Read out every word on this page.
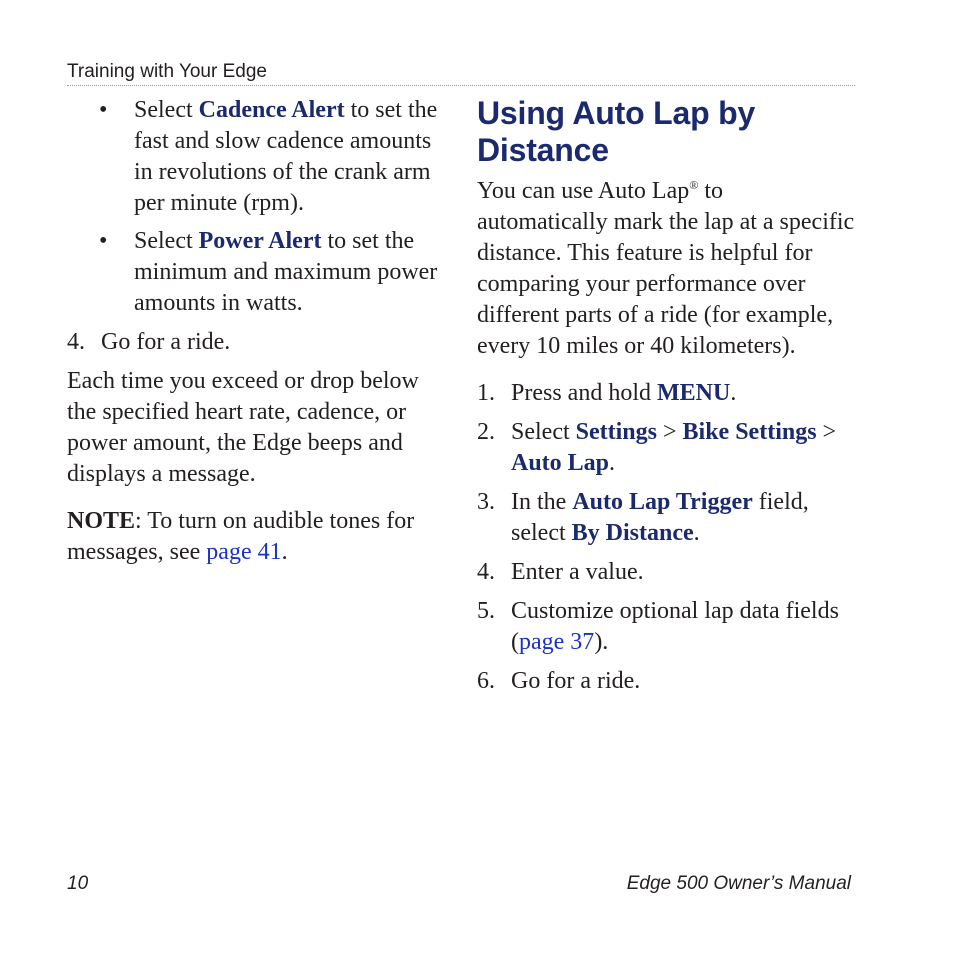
Training with Your Edge
• Select Cadence Alert to set the
fast and slow cadence amounts
in revolutions of the crank arm
per minute (rpm).

• Select Power Alert to set the
minimum and maximum power
amounts in watts.

4. Go for a ride.

Each time you exceed or drop below
the specified heart rate, cadence, or
power amount, the Edge beeps and
displays a message.

NOTE: To turn on audible tones for
messages, see page 41.

Using Auto Lap by
Distance

You can use Auto Lap® to
automatically mark the lap at a specific
distance. This feature is helpful for
comparing your performance over
different parts of a ride (for example,
every 10 miles or 40 kilometers).

1. Press and hold MENU.

2. Select Settings > Bike Settings >
Auto Lap.

3. In the Auto Lap Trigger field,
select By Distance.

4. Enter a value.

5. Customize optional lap data fields
(page 37).

6. Go for a ride.

10	Edge 500 Owner’s Manual
